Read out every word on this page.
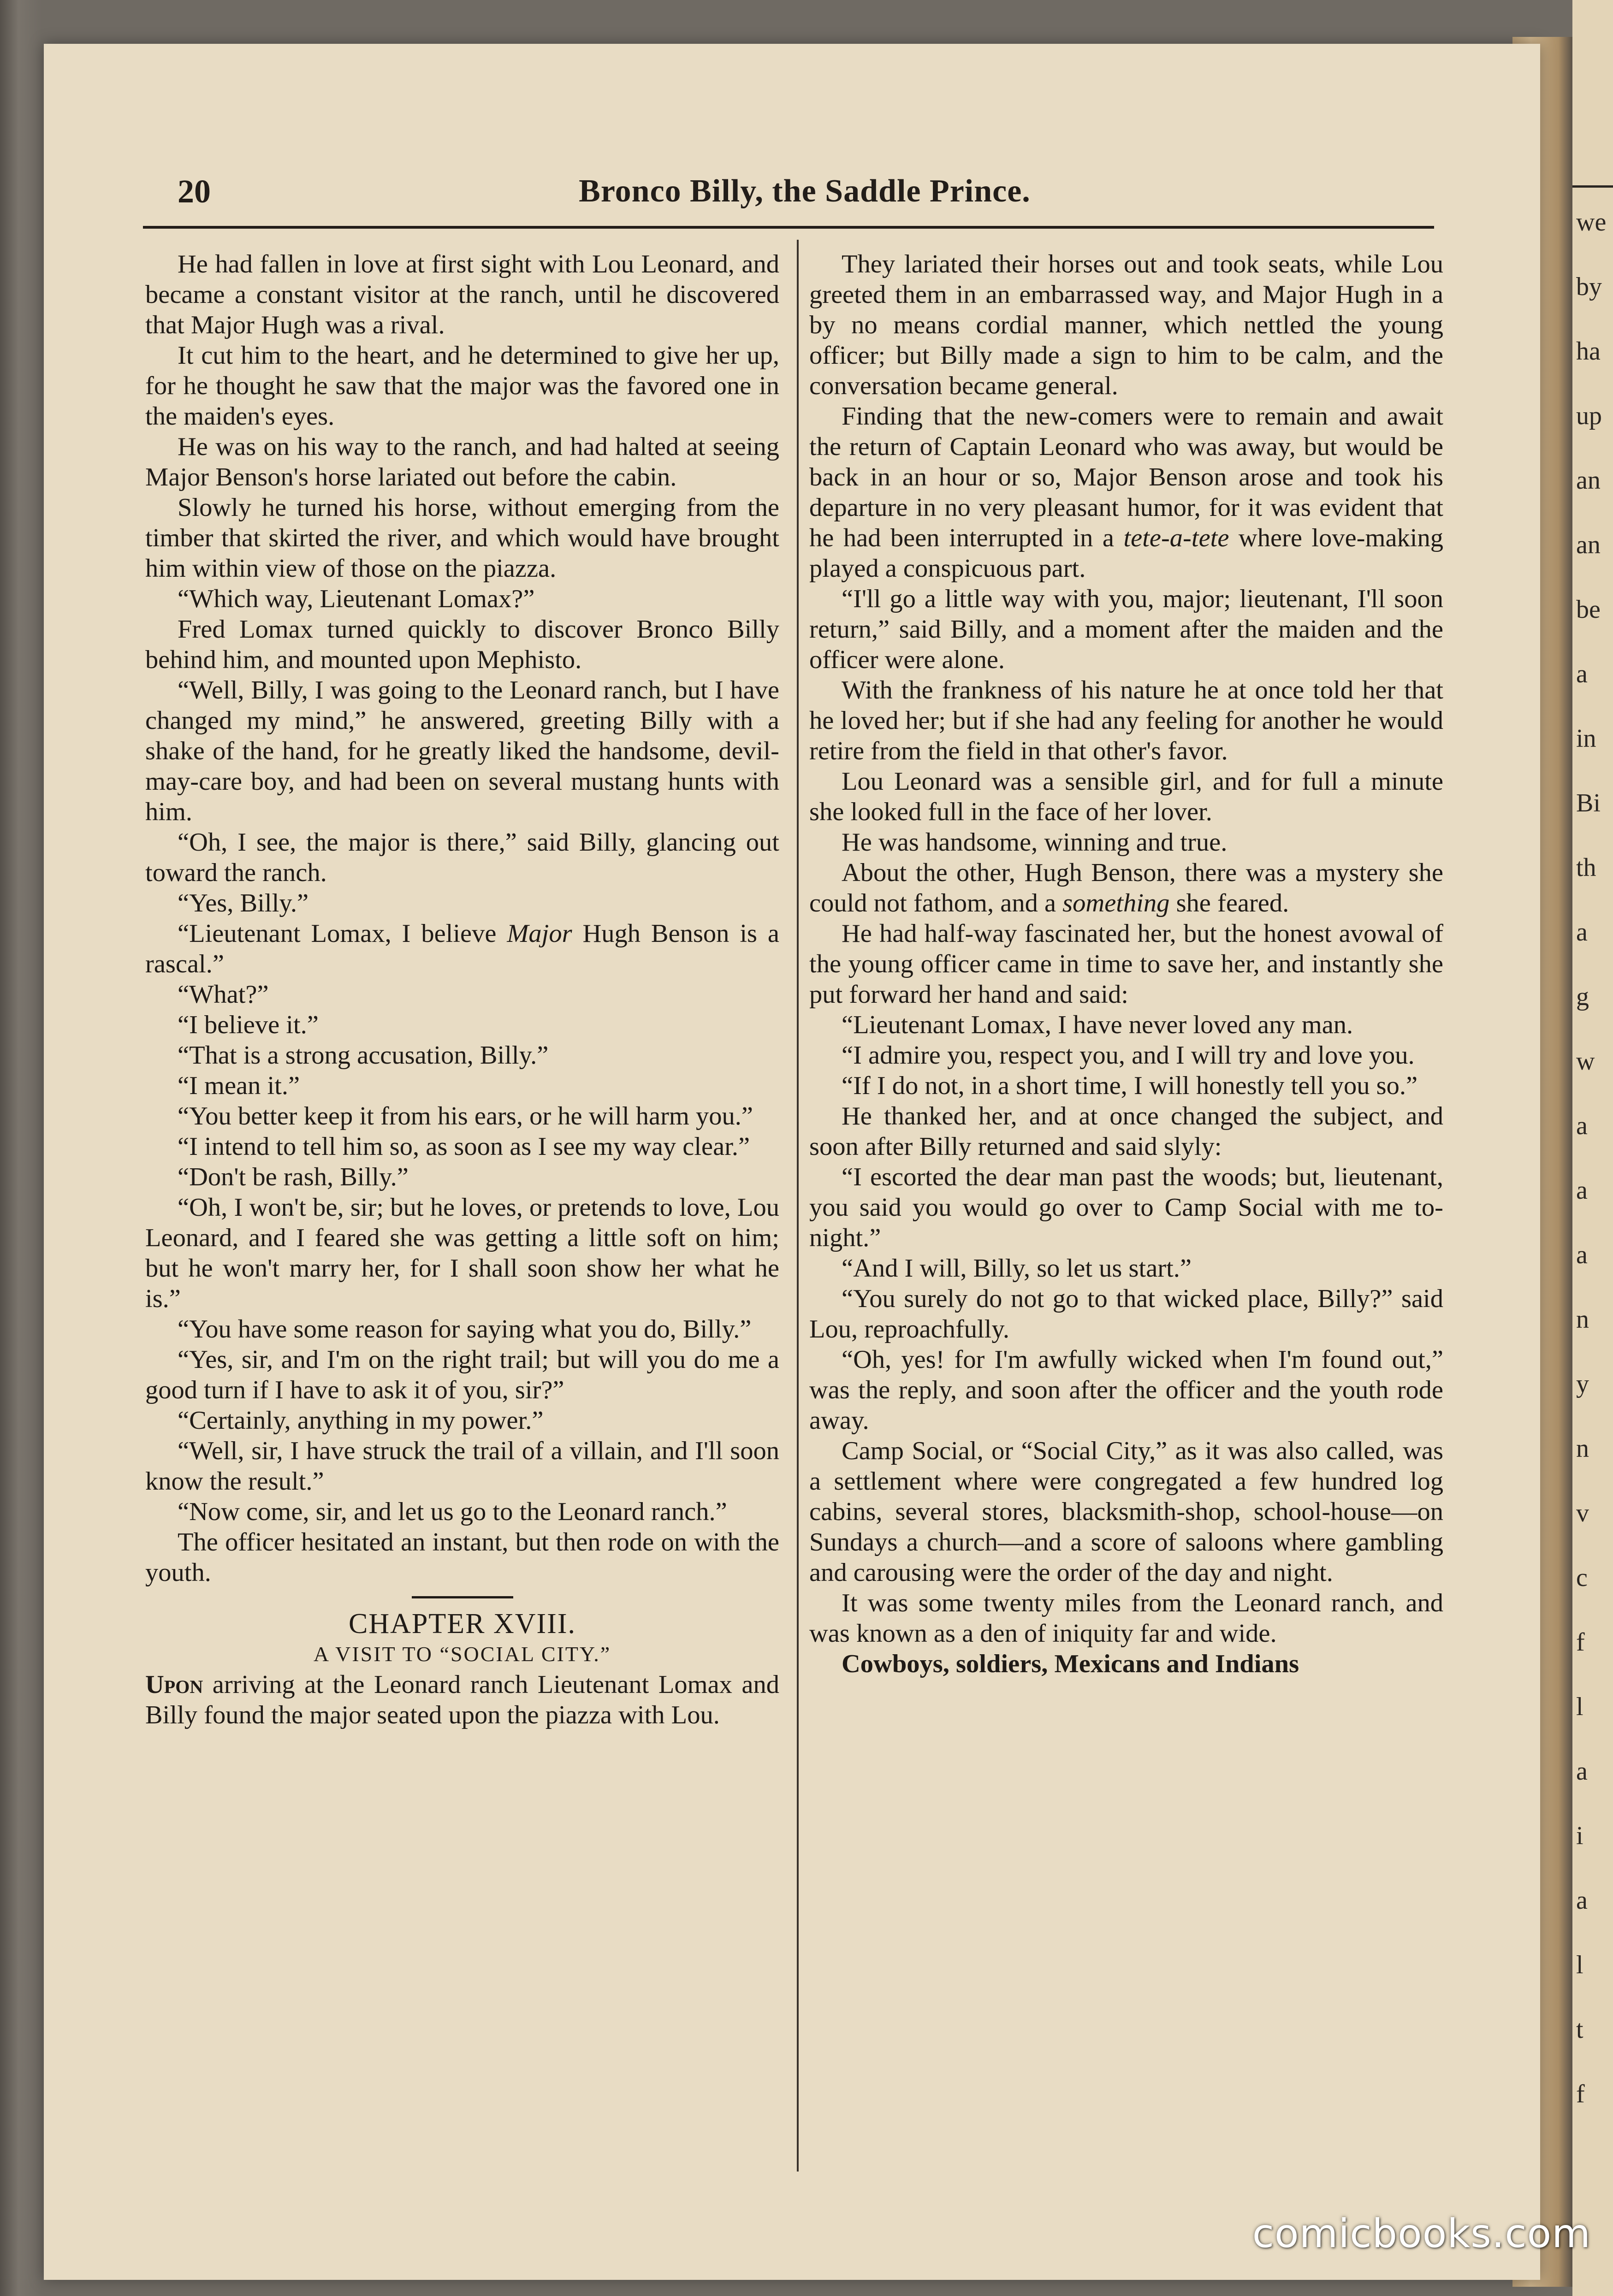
we
by
ha
up
an
an
be
a
in
Bi
th
a
g
w
a
a
a
n
y
n
v
c
f
l
a
i
a
l
t
f
20	Bronco Billy, the Saddle Prince.

He had fallen in love at first sight with Lou Leonard, and became a constant visitor at the ranch, until he discovered that Major Hugh was a rival.

It cut him to the heart, and he determined to give her up, for he thought he saw that the major was the favored one in the maiden's eyes.

He was on his way to the ranch, and had halted at seeing Major Benson's horse lariated out before the cabin.

Slowly he turned his horse, without emerging from the timber that skirted the river, and which would have brought him within view of those on the piazza.

“Which way, Lieutenant Lomax?”

Fred Lomax turned quickly to discover Bronco Billy behind him, and mounted upon Mephisto.

“Well, Billy, I was going to the Leonard ranch, but I have changed my mind,” he answered, greeting Billy with a shake of the hand, for he greatly liked the handsome, devil-may-care boy, and had been on several mustang hunts with him.

“Oh, I see, the major is there,” said Billy, glancing out toward the ranch.

“Yes, Billy.”

“Lieutenant Lomax, I believe Major Hugh Benson is a rascal.”

“What?”

“I believe it.”

“That is a strong accusation, Billy.”

“I mean it.”

“You better keep it from his ears, or he will harm you.”

“I intend to tell him so, as soon as I see my way clear.”

“Don't be rash, Billy.”

“Oh, I won't be, sir; but he loves, or pretends to love, Lou Leonard, and I feared she was getting a little soft on him; but he won't marry her, for I shall soon show her what he is.”

“You have some reason for saying what you do, Billy.”

“Yes, sir, and I'm on the right trail; but will you do me a good turn if I have to ask it of you, sir?”

“Certainly, anything in my power.”

“Well, sir, I have struck the trail of a villain, and I'll soon know the result.”

“Now come, sir, and let us go to the Leonard ranch.”

The officer hesitated an instant, but then rode on with the youth.

CHAPTER XVIII.

A VISIT TO “SOCIAL CITY.”

Upon arriving at the Leonard ranch Lieutenant Lomax and Billy found the major seated upon the piazza with Lou.

They lariated their horses out and took seats, while Lou greeted them in an embarrassed way, and Major Hugh in a by no means cordial manner, which nettled the young officer; but Billy made a sign to him to be calm, and the conversation became general.

Finding that the new-comers were to remain and await the return of Captain Leonard who was away, but would be back in an hour or so, Major Benson arose and took his departure in no very pleasant humor, for it was evident that he had been interrupted in a tete-a-tete where love-making played a conspicuous part.

“I'll go a little way with you, major; lieutenant, I'll soon return,” said Billy, and a moment after the maiden and the officer were alone.

With the frankness of his nature he at once told her that he loved her; but if she had any feeling for another he would retire from the field in that other's favor.

Lou Leonard was a sensible girl, and for full a minute she looked full in the face of her lover.

He was handsome, winning and true.

About the other, Hugh Benson, there was a mystery she could not fathom, and a something she feared.

He had half-way fascinated her, but the honest avowal of the young officer came in time to save her, and instantly she put forward her hand and said:

“Lieutenant Lomax, I have never loved any man.

“I admire you, respect you, and I will try and love you.

“If I do not, in a short time, I will honestly tell you so.”

He thanked her, and at once changed the subject, and soon after Billy returned and said slyly:

“I escorted the dear man past the woods; but, lieutenant, you said you would go over to Camp Social with me to-night.”

“And I will, Billy, so let us start.”

“You surely do not go to that wicked place, Billy?” said Lou, reproachfully.

“Oh, yes! for I'm awfully wicked when I'm found out,” was the reply, and soon after the officer and the youth rode away.

Camp Social, or “Social City,” as it was also called, was a settlement where were congregated a few hundred log cabins, several stores, blacksmith-shop, school-house—on Sundays a church—and a score of saloons where gambling and carousing were the order of the day and night.

It was some twenty miles from the Leonard ranch, and was known as a den of iniquity far and wide.

Cowboys, soldiers, Mexicans and Indians

comicbooks.com
